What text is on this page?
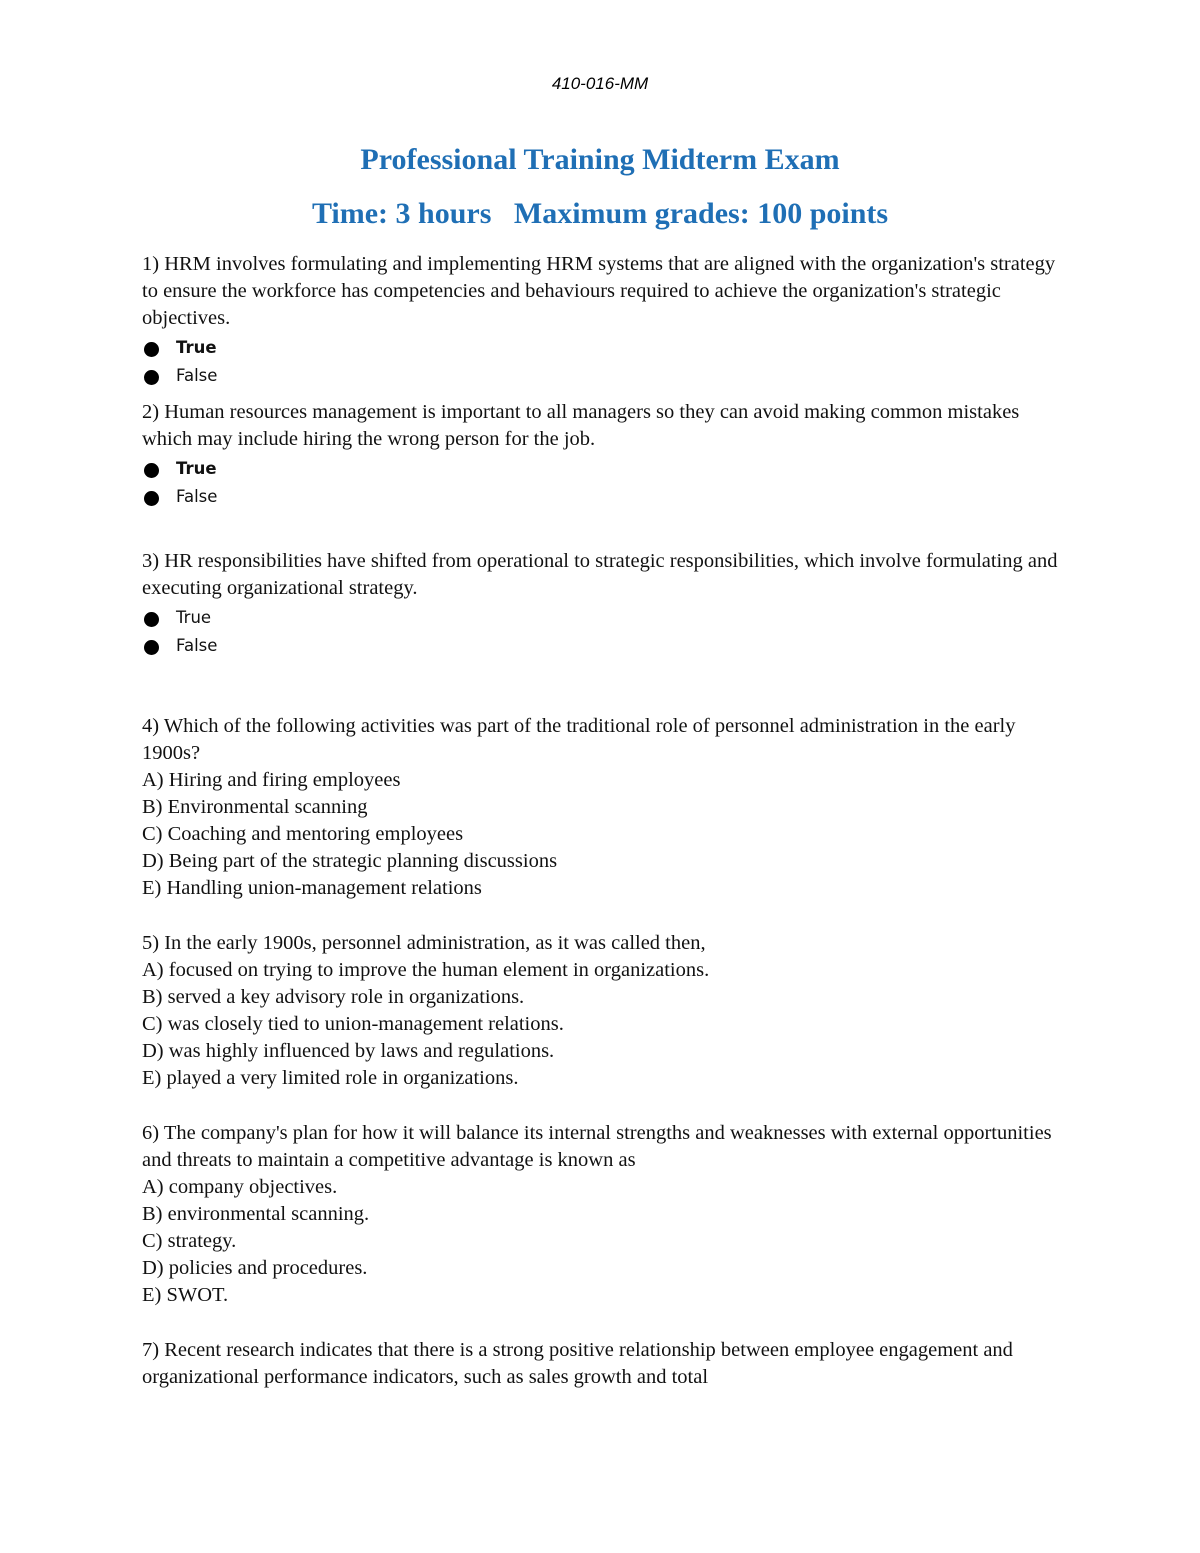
410-016-MM
Professional Training Midterm Exam
Time: 3 hours   Maximum grades: 100 points

1) HRM involves formulating and implementing HRM systems that are aligned with the organization's strategy to ensure the workforce has competencies and behaviours required to achieve the organization's strategic objectives.

True
False

2) Human resources management is important to all managers so they can avoid making common mistakes which may include hiring the wrong person for the job.

True
False

3) HR responsibilities have shifted from operational to strategic responsibilities, which involve formulating and executing organizational strategy.

True
False

4) Which of the following activities was part of the traditional role of personnel administration in the early 1900s?

A) Hiring and firing employees

B) Environmental scanning

C) Coaching and mentoring employees

D) Being part of the strategic planning discussions

E) Handling union-management relations

5) In the early 1900s, personnel administration, as it was called then,

A) focused on trying to improve the human element in organizations.

B) served a key advisory role in organizations.

C) was closely tied to union-management relations.

D) was highly influenced by laws and regulations.

E) played a very limited role in organizations.

6) The company's plan for how it will balance its internal strengths and weaknesses with external opportunities and threats to maintain a competitive advantage is known as

A) company objectives.

B) environmental scanning.

C) strategy.

D) policies and procedures.

E) SWOT.

7) Recent research indicates that there is a strong positive relationship between employee engagement and organizational performance indicators, such as sales growth and total
